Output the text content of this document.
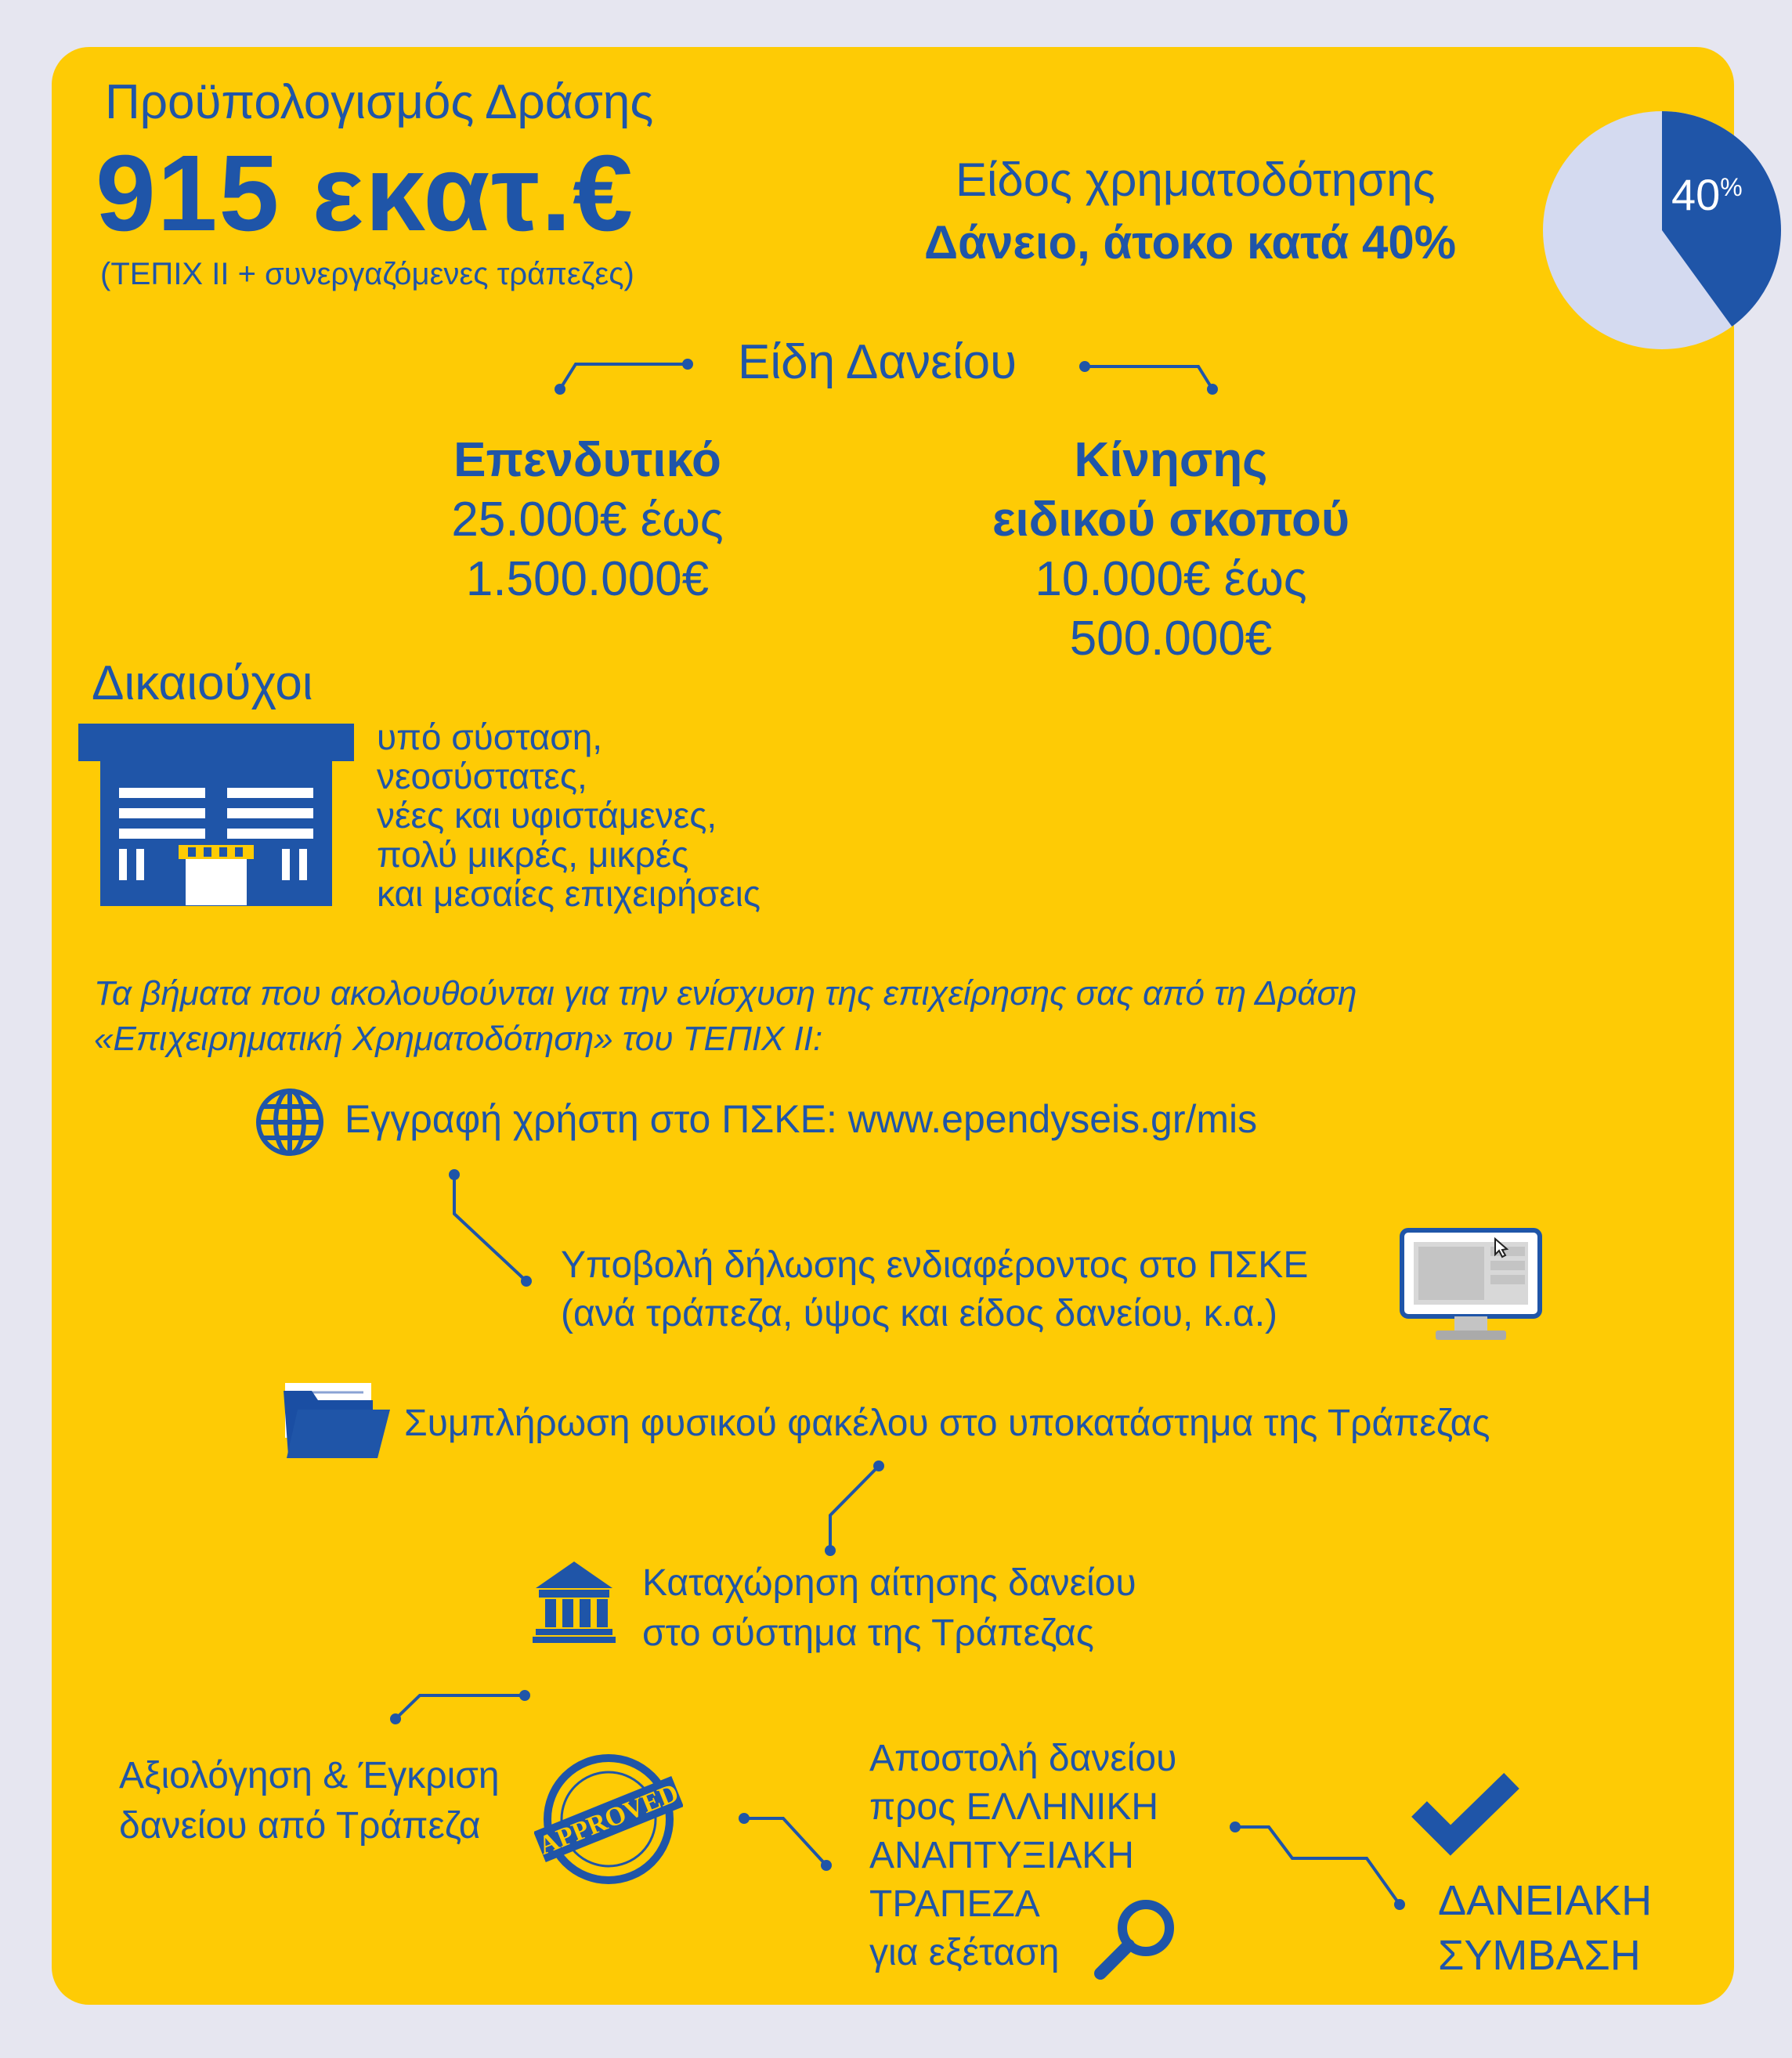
Προϋπολογισμός Δράσης
915 εκατ.€
(ΤΕΠΙΧ ΙΙ + συνεργαζόμενες τράπεζες)
Είδος χρηματοδότησης
Δάνειο, άτοκο κατά 40%
40%
Είδη Δανείου
Επενδυτικό
25.000€ έως
1.500.000€
Κίνησης
ειδικού σκοπού
10.000€ έως
500.000€
Δικαιούχοι
υπό σύσταση,
νεοσύστατες,
νέες και υφιστάμενες,
πολύ μικρές, μικρές
και μεσαίες επιχειρήσεις
Τα βήματα που ακολουθούνται για την ενίσχυση της επιχείρησης σας από τη Δράση
«Επιχειρηματική Χρηματοδότηση» του ΤΕΠΙΧ ΙΙ:
Εγγραφή χρήστη στο ΠΣΚΕ: www.ependyseis.gr/mis
Υποβολή δήλωσης ενδιαφέροντος στο ΠΣΚΕ
(ανά τράπεζα, ύψος και είδος δανείου, κ.α.)
Συμπλήρωση φυσικού φακέλου στο υποκατάστημα της Τράπεζας
Καταχώρηση αίτησης δανείου
στο σύστημα της Τράπεζας
Αξιολόγηση & Έγκριση
δανείου από Τράπεζα	APPROVED
Αποστολή δανείου
προς ΕΛΛΗΝΙΚΗ
ΑΝΑΠΤΥΞΙΑΚΗ
ΤΡΑΠΕΖΑ
για εξέταση
ΔΑΝΕΙΑΚΗ
ΣΥΜΒΑΣΗ
